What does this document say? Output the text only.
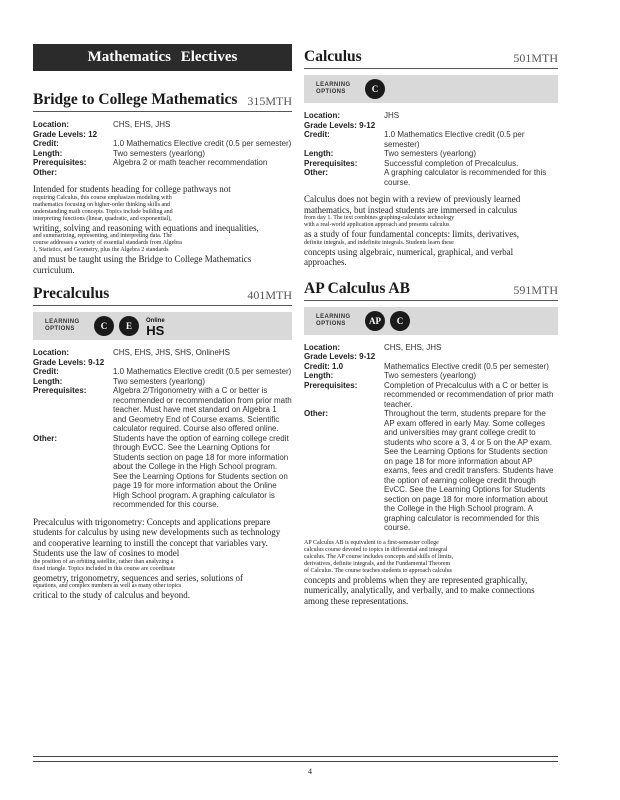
Mathematics Electives
Bridge to College Mathematics 315MTH
Location:	CHS, EHS, JHS
Grade Levels: 12	
Credit:	1.0 Mathematics Elective credit (0.5 per semester)
Length:	Two semesters (yearlong)
Prerequisites:	Algebra 2 or math teacher recommendation
Other:	
Intended for students heading for college pathways not
requiring Calculus, this course emphasizes modeling with
mathematics focusing on higher-order thinking skills and
understanding math concepts. Topics include building and
interpreting functions (linear, quadratic, and exponential),
writing, solving and reasoning with equations and inequalities,
and summarizing, representing, and interpreting data. The
course addresses a variety of essential standards from Algebra
1, Statistics, and Geometry, plus the Algebra 2 standards
and must be taught using the Bridge to College Mathematics curriculum.
Precalculus	401MTH
LEARNING OPTIONS	C	E	Online
HS
Location:	CHS, EHS, JHS, SHS, OnlineHS
Grade Levels: 9-12	
Credit:	1.0 Mathematics Elective credit (0.5 per semester)
Length:	Two semesters (yearlong)
Prerequisites:	Algebra 2/Trigonometry with a C or better is recommended or recommendation from prior math teacher. Must have met standard on Algebra 1 and Geometry End of Course exams. Scientific calculator required. Course also offered online.
Other:	Students have the option of earning college credit through EvCC. See the Learning Options for Students section on page 18 for more information about the College in the High School program. See the Learning Options for Students section on page 19 for more information about the Online High School program. A graphing calculator is recommended for this course.
Precalculus with trigonometry: Concepts and applications prepare students for calculus by using new developments such as technology and cooperative learning to instill the concept that variables vary. Students use the law of cosines to model
the position of an orbiting satellite, rather than analyzing a
fixed triangle. Topics included in this course are coordinate
geometry, trigonometry, sequences and series, solutions of
equations, and complex numbers as well as many other topics
critical to the study of calculus and beyond.
Calculus	501MTH
LEARNING OPTIONS	C
Location:	JHS
Grade Levels: 9-12	
Credit:	1.0 Mathematics Elective credit (0.5 per semester)
Length:	Two semesters (yearlong)
Prerequisites:	Successful completion of Precalculus.
Other:	A graphing calculator is recommended for this course.
Calculus does not begin with a review of previously learned mathematics, but instead students are immersed in calculus
from day 1. The text combines graphing-calculator technology
with a real-world application approach and presents calculus
as a study of four fundamental concepts: limits, derivatives,
definite integrals, and indefinite integrals. Students learn these
concepts using algebraic, numerical, graphical, and verbal approaches.
AP Calculus AB	591MTH
LEARNING OPTIONS	AP	C
Location:	CHS, EHS, JHS
Grade Levels: 9-12	
Credit: 1.0	Mathematics Elective credit (0.5 per semester)
Length:	Two semesters (yearlong)
Prerequisites:	Completion of Precalculus with a C or better is recommended or recommendation of prior math teacher.
Other:	Throughout the term, students prepare for the AP exam offered in early May. Some colleges and universities may grant college credit to students who score a 3, 4 or 5 on the AP exam. See the Learning Options for Students section on page 18 for more information about AP exams, fees and credit transfers. Students have the option of earning college credit through EvCC. See the Learning Options for Students section on page 18 for more information about the College in the High School program. A graphing calculator is recommended for this course.
AP Calculus AB is equivalent to a first-semester college
calculus course devoted to topics in differential and integral
calculus. The AP course includes concepts and skills of limits,
derivatives, definite integrals, and the Fundamental Theorem
of Calculus. The course teaches students to approach calculus
concepts and problems when they are represented graphically, numerically, analytically, and verbally, and to make connections among these representations.
4
